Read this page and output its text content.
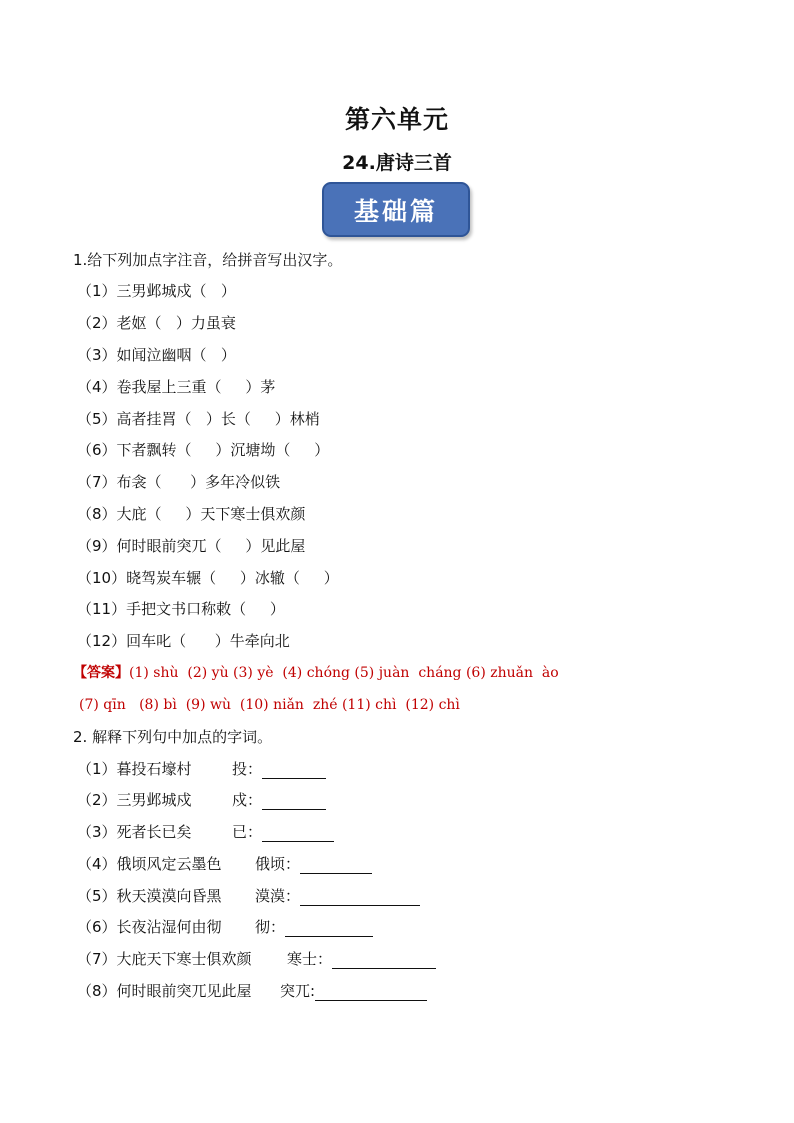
第六单元
24.唐诗三首
基础篇
1.给下列加点字注音，给拼音写出汉字。
（1）三男邺城戍（   ）
（2）老妪（   ）力虽衰
（3）如闻泣幽咽（   ）
（4）卷我屋上三重（     ）茅
（5）高者挂罥（   ）长（     ）林梢
（6）下者飘转（     ）沉塘坳（     ）
（7）布衾（      ）多年冷似铁
（8）大庇（     ）天下寒士俱欢颜
（9）何时眼前突兀（     ）见此屋
（10）晓驾炭车辗（     ）冰辙（     ）
（11）手把文书口称敕（     ）
（12）回车叱（      ）牛牵向北
【答案】(1) shù  (2) yù (3) yè  (4) chóng (5) juàn  cháng (6) zhuǎn  ào
(7) qīn   (8) bì  (9) wù  (10) niǎn  zhé (11) chì  (12) chì
2. 解释下列句中加点的字词。
（1）暮投石壕村	投：
（2）三男邺城戍	戍：
（3）死者长已矣	已：
（4）俄顷风定云墨色 俄顷：
（5）秋天漠漠向昏黑 漠漠：
（6）长夜沾湿何由彻 彻：
（7）大庇天下寒士俱欢颜 寒士：
（8）何时眼前突兀见此屋 突兀:
